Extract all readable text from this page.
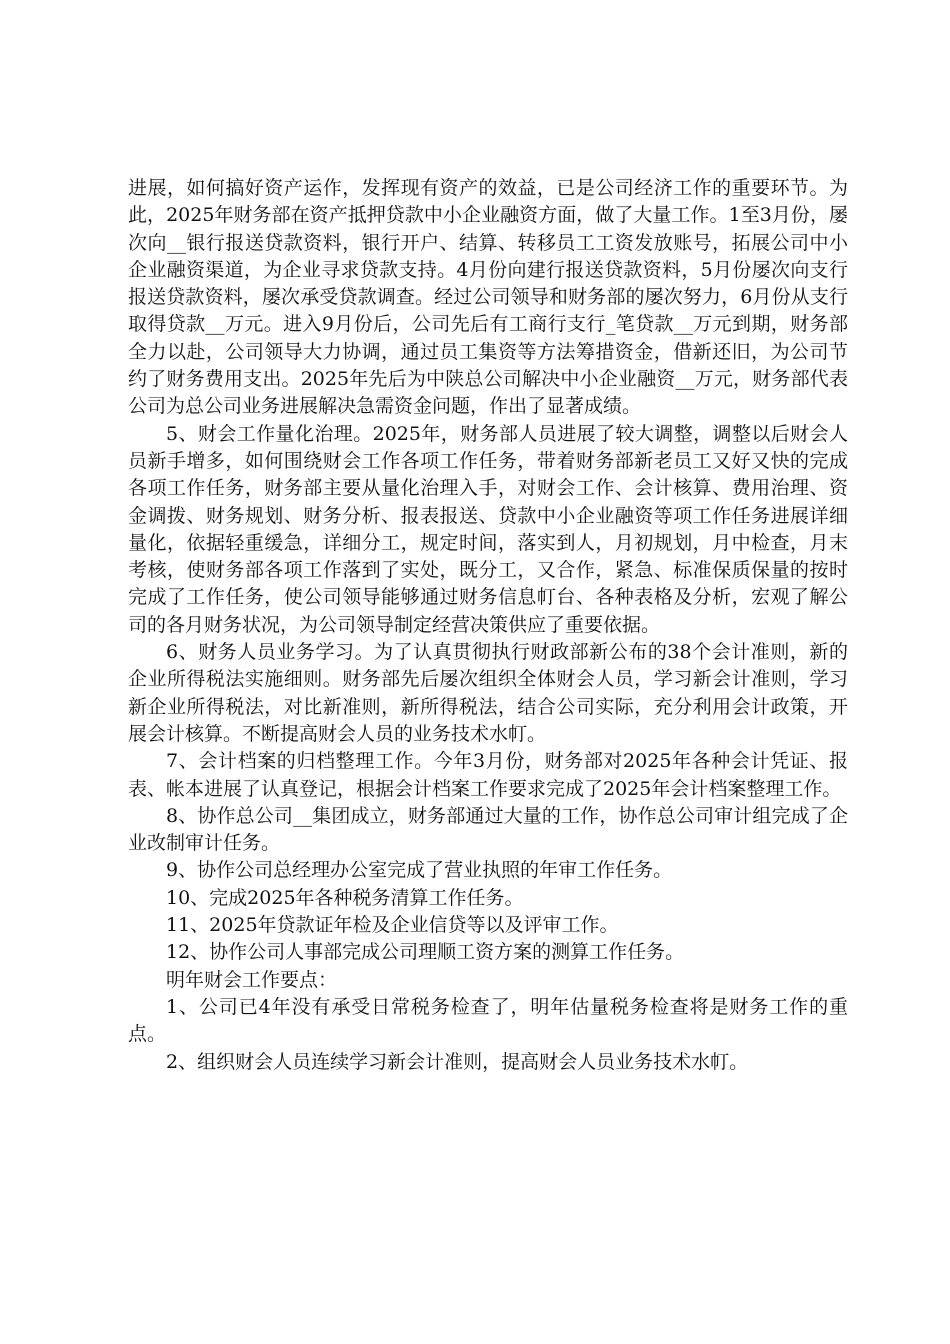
进展，如何搞好资产运作，发挥现有资产的效益，已是公司经济工作的重要环节。为此，2025年财务部在资产抵押贷款中小企业融资方面，做了大量工作。1至3月份，屡次向__银行报送贷款资料，银行开户、结算、转移员工工资发放账号，拓展公司中小企业融资渠道，为企业寻求贷款支持。4月份向建行报送贷款资料，5月份屡次向支行报送贷款资料，屡次承受贷款调查。经过公司领导和财务部的屡次努力，6月份从支行取得贷款__万元。进入9月份后，公司先后有工商行支行_笔贷款__万元到期，财务部全力以赴，公司领导大力协调，通过员工集资等方法筹措资金，借新还旧，为公司节约了财务费用支出。2025年先后为中陕总公司解决中小企业融资__万元，财务部代表公司为总公司业务进展解决急需资金问题，作出了显著成绩。

5、财会工作量化治理。2025年，财务部人员进展了较大调整，调整以后财会人员新手增多，如何围绕财会工作各项工作任务，带着财务部新老员工又好又快的完成各项工作任务，财务部主要从量化治理入手，对财会工作、会计核算、费用治理、资金调拨、财务规划、财务分析、报表报送、贷款中小企业融资等项工作任务进展详细量化，依据轻重缓急，详细分工，规定时间，落实到人，月初规划，月中检查，月末考核，使财务部各项工作落到了实处，既分工，又合作，紧急、标准保质保量的按时完成了工作任务，使公司领导能够通过财务信息帄台、各种表格及分析，宏观了解公司的各月财务状况，为公司领导制定经营决策供应了重要依据。

6、财务人员业务学习。为了认真贯彻执行财政部新公布的38个会计准则，新的企业所得税法实施细则。财务部先后屡次组织全体财会人员，学习新会计准则，学习新企业所得税法，对比新准则，新所得税法，结合公司实际，充分利用会计政策，开展会计核算。不断提高财会人员的业务技术水帄。

7、会计档案的归档整理工作。今年3月份，财务部对2025年各种会计凭证、报表、帐本进展了认真登记，根据会计档案工作要求完成了2025年会计档案整理工作。

8、协作总公司__集团成立，财务部通过大量的工作，协作总公司审计组完成了企业改制审计任务。

9、协作公司总经理办公室完成了营业执照的年审工作任务。

10、完成2025年各种税务清算工作任务。

11、2025年贷款证年检及企业信贷等以及评审工作。

12、协作公司人事部完成公司理顺工资方案的测算工作任务。

明年财会工作要点：

1、公司已4年没有承受日常税务检查了，明年估量税务检查将是财务工作的重点。

2、组织财会人员连续学习新会计准则，提高财会人员业务技术水帄。
